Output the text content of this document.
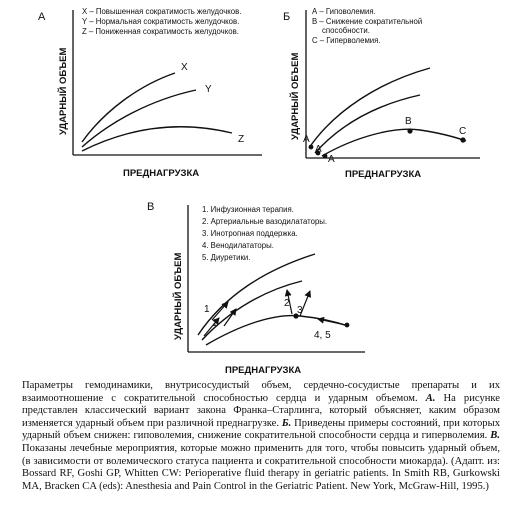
А	X – Повышенная сократимость желудочков.
Y – Нормальная сократимость желудочков.
Z – Пониженная сократимость желудочков.
УДАРНЫЙ ОБЪЕМ
ПРЕДНАГРУЗКА
X
Y
Z
Б	А – Гиповолемия.
В – Снижение сократительной
способности.
С – Гиперволемия.
УДАРНЫЙ ОБЪЕМ
ПРЕДНАГРУЗКА
A
A
A
B
C
В	1. Инфузионная терапия.
2. Артериальные вазодилататоры.
3. Инотропная поддержка.
4. Венодилататоры.
5. Диуретики.
УДАРНЫЙ ОБЪЕМ
ПРЕДНАГРУЗКА
1
1
2
3
4, 5

Параметры гемодинамики, внутрисосудистый объем, сердечно-сосудистые препараты и их взаимоотношение с сократительной способностью сердца и ударным объемом. А. На рисунке представлен классический вариант закона Франка–Старлинга, который объясняет, каким образом изменяется ударный объем при различной преднагрузке. Б. Приведены примеры состояний, при которых ударный объем снижен: гиповолемия, снижение сократительной способности сердца и гиперволемия. В. Показаны лечебные мероприятия, которые можно применить для того, чтобы повысить ударный объем, (в зависимости от волемического статуса пациента и сократительной способности миокарда). (Адапт. из: Bossard RF, Goshi GP, Whitten CW: Perioperative fluid therapy in geriatric patients. In Smith RB, Gurkowski MA, Bracken CA (eds): Anesthesia and Pain Control in the Geriatric Patient. New York, McGraw-Hill, 1995.)
